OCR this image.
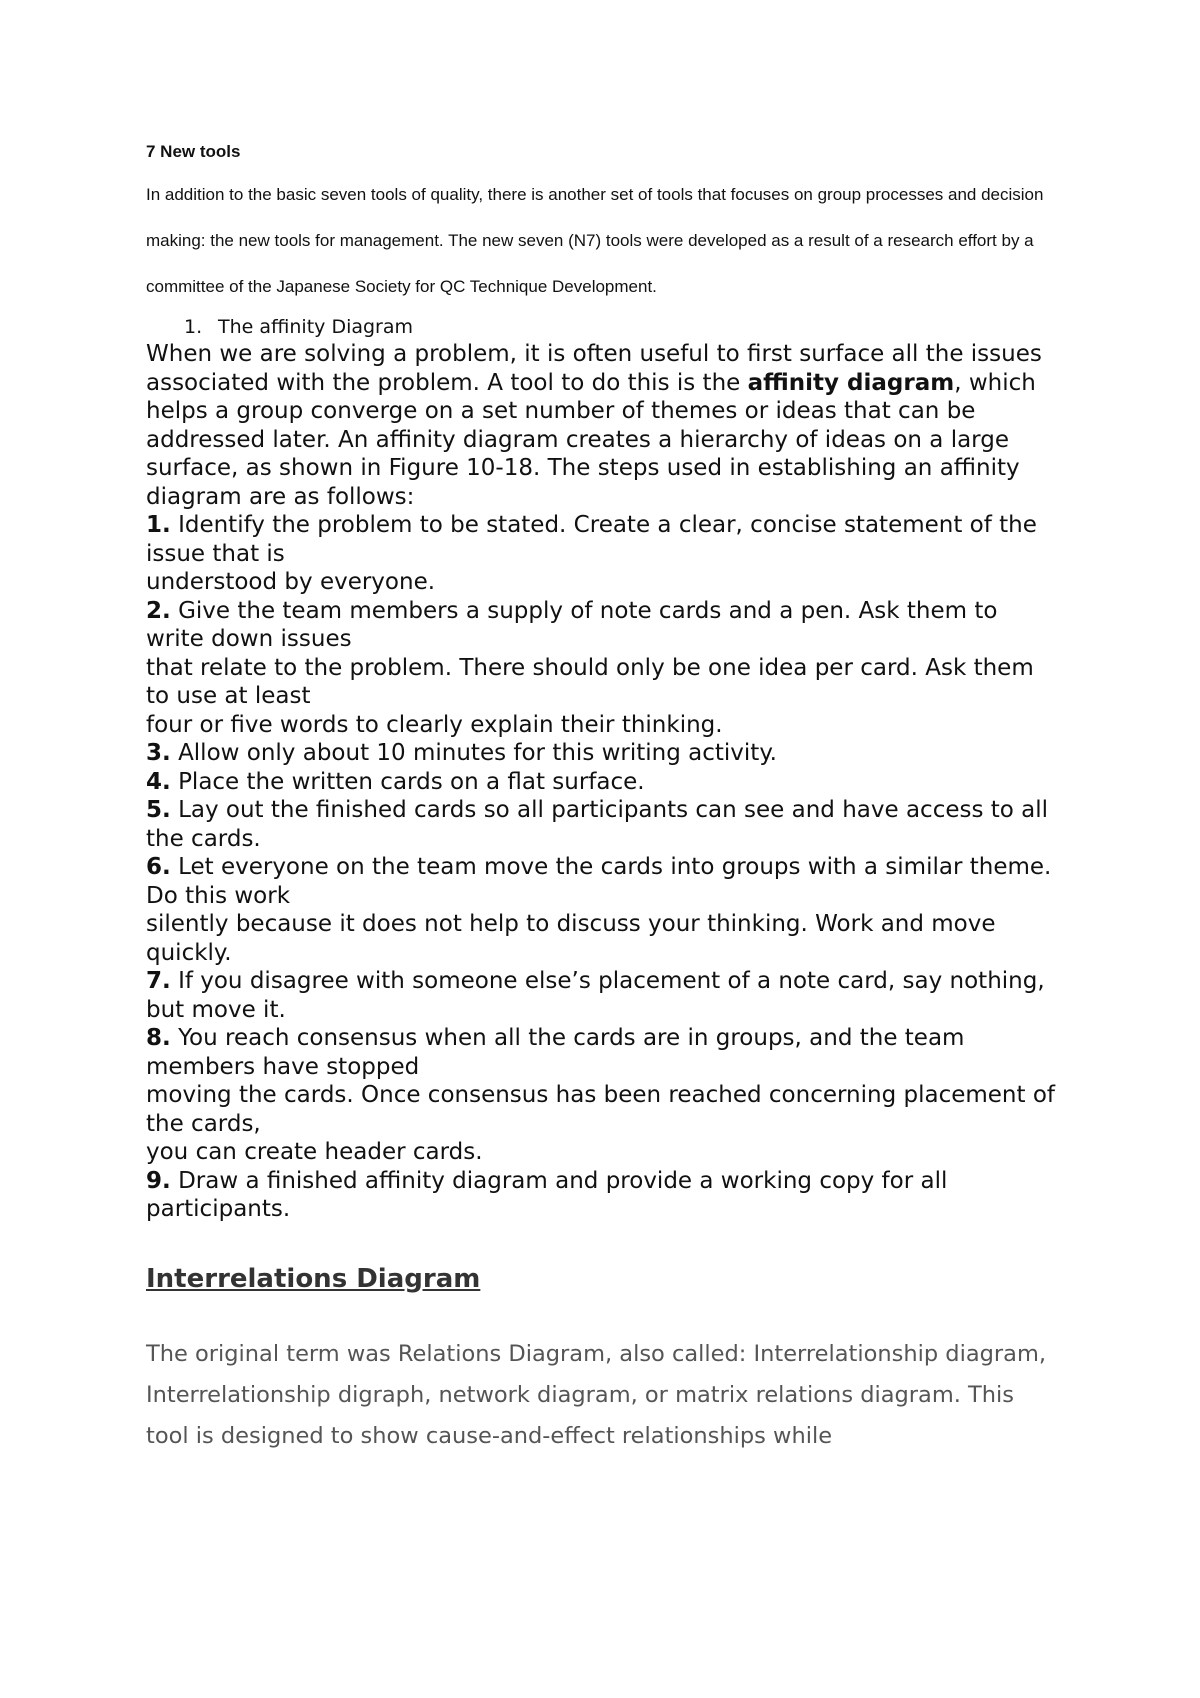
7 New tools

In addition to the basic seven tools of quality, there is another set of tools that focuses on group processes and decision making: the new tools for management. The new seven (N7) tools were developed as a result of a research effort by a committee of the Japanese Society for QC Technique Development.

1. The affinity Diagram

When we are solving a problem, it is often useful to first surface all the issues associated with the problem. A tool to do this is the affinity diagram, which helps a group converge on a set number of themes or ideas that can be addressed later. An affinity diagram creates a hierarchy of ideas on a large surface, as shown in Figure 10-18. The steps used in establishing an affinity diagram are as follows:

1. Identify the problem to be stated. Create a clear, concise statement of the issue that is

understood by everyone.

2. Give the team members a supply of note cards and a pen. Ask them to write down issues

that relate to the problem. There should only be one idea per card. Ask them to use at least

four or five words to clearly explain their thinking.

3. Allow only about 10 minutes for this writing activity.

4. Place the written cards on a flat surface.

5. Lay out the finished cards so all participants can see and have access to all the cards.

6. Let everyone on the team move the cards into groups with a similar theme. Do this work

silently because it does not help to discuss your thinking. Work and move quickly.

7. If you disagree with someone else’s placement of a note card, say nothing, but move it.

8. You reach consensus when all the cards are in groups, and the team members have stopped

moving the cards. Once consensus has been reached concerning placement of the cards,

you can create header cards.

9. Draw a finished affinity diagram and provide a working copy for all participants.

Interrelations Diagram

The original term was Relations Diagram, also called: Interrelationship diagram, Interrelationship digraph, network diagram, or matrix relations diagram. This tool is designed to show cause-and-effect relationships while
